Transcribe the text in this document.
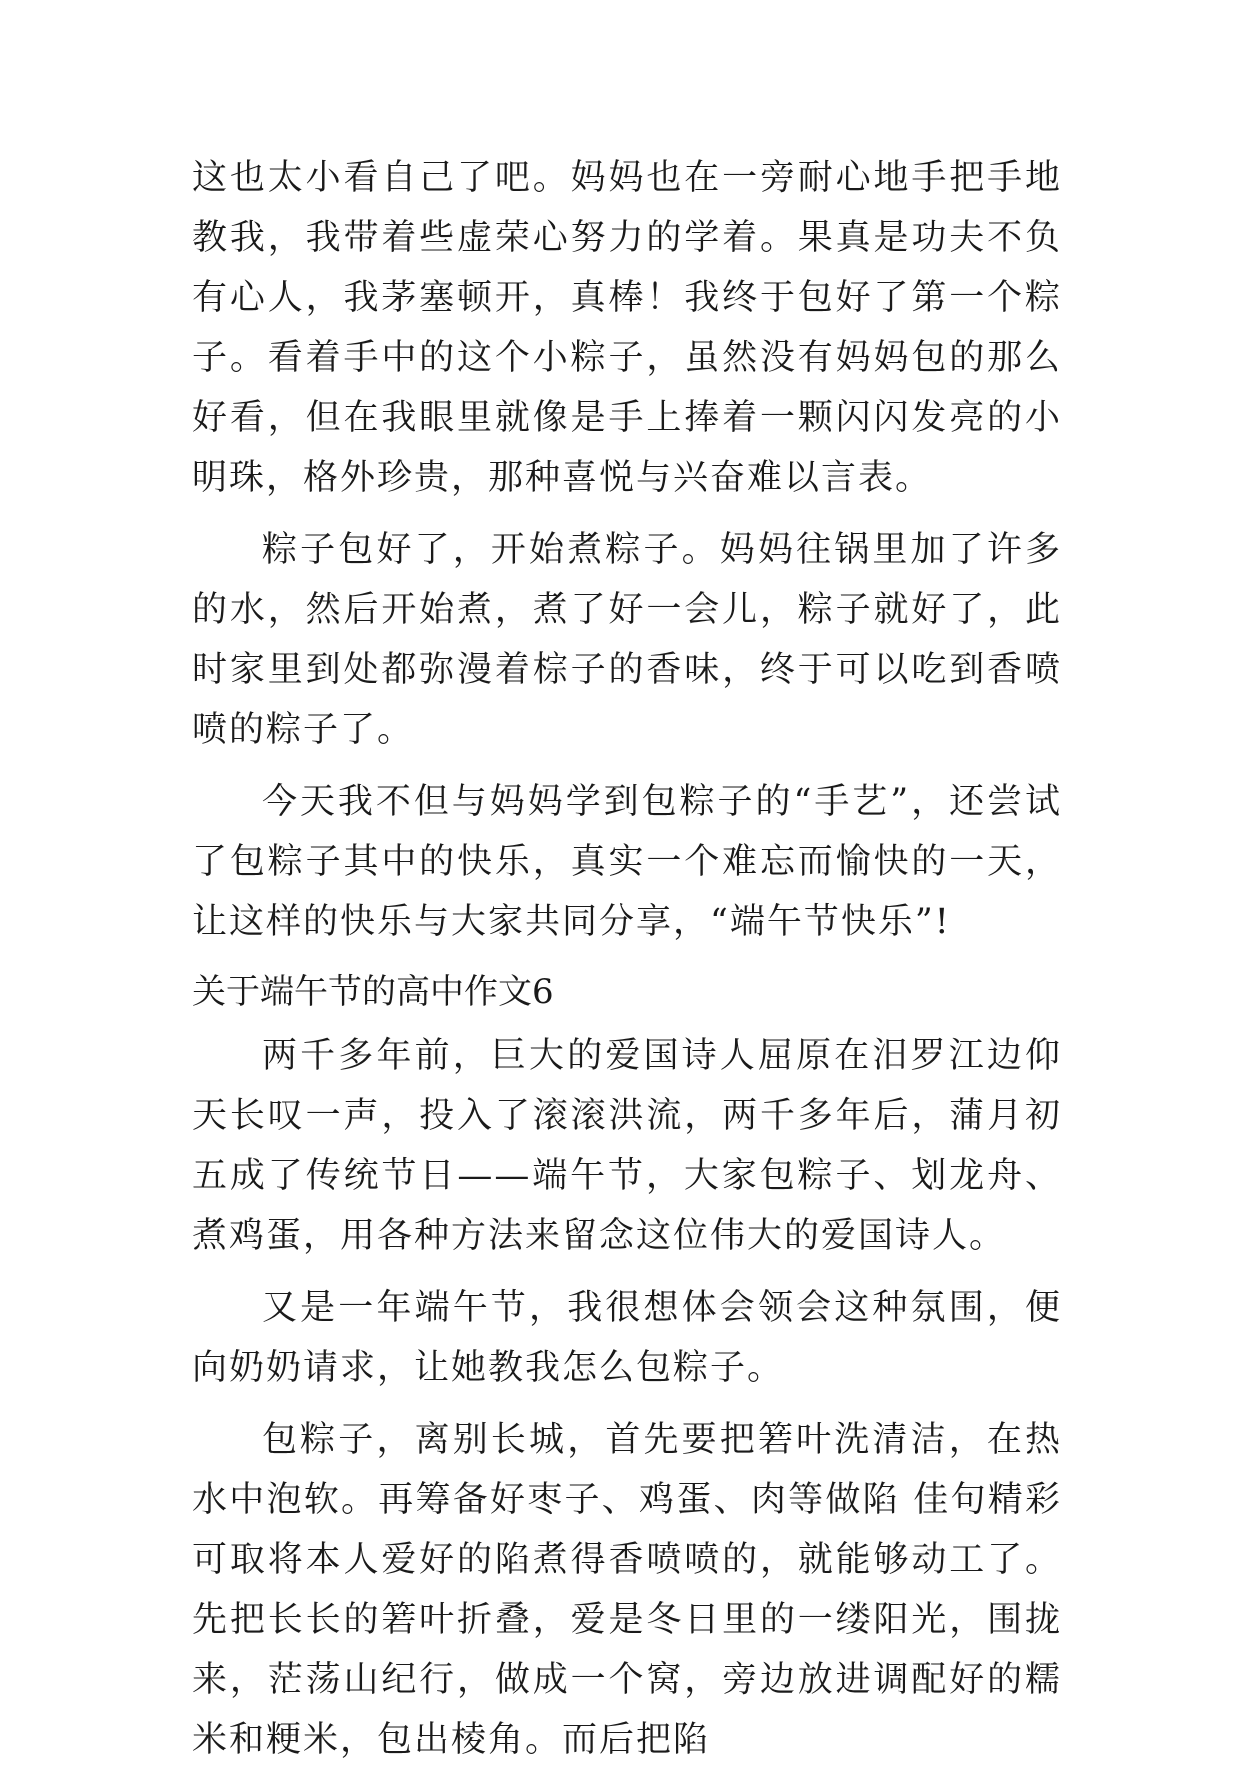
这也太小看自己了吧。妈妈也在一旁耐心地手把手地教我，我带着些虚荣心努力的学着。果真是功夫不负有心人，我茅塞顿开，真棒！我终于包好了第一个粽子。看着手中的这个小粽子，虽然没有妈妈包的那么好看，但在我眼里就像是手上捧着一颗闪闪发亮的小明珠，格外珍贵，那种喜悦与兴奋难以言表。

粽子包好了，开始煮粽子。妈妈往锅里加了许多的水，然后开始煮，煮了好一会儿，粽子就好了，此时家里到处都弥漫着棕子的香味，终于可以吃到香喷喷的粽子了。

今天我不但与妈妈学到包粽子的“手艺”，还尝试了包粽子其中的快乐，真实一个难忘而愉快的一天，让这样的快乐与大家共同分享，“端午节快乐”!

关于端午节的高中作文6

两千多年前，巨大的爱国诗人屈原在汨罗江边仰天长叹一声，投入了滚滚洪流，两千多年后，蒲月初五成了传统节日——端午节，大家包粽子、划龙舟、煮鸡蛋，用各种方法来留念这位伟大的爱国诗人。

又是一年端午节，我很想体会领会这种氛围，便向奶奶请求，让她教我怎么包粽子。

包粽子，离别长城，首先要把箬叶洗清洁，在热水中泡软。再筹备好枣子、鸡蛋、肉等做陷 佳句精彩可取将本人爱好的陷煮得香喷喷的，就能够动工了。先把长长的箬叶折叠，爱是冬日里的一缕阳光，围拢来，茫荡山纪行，做成一个窝，旁边放进调配好的糯米和粳米，包出棱角。而后把陷
